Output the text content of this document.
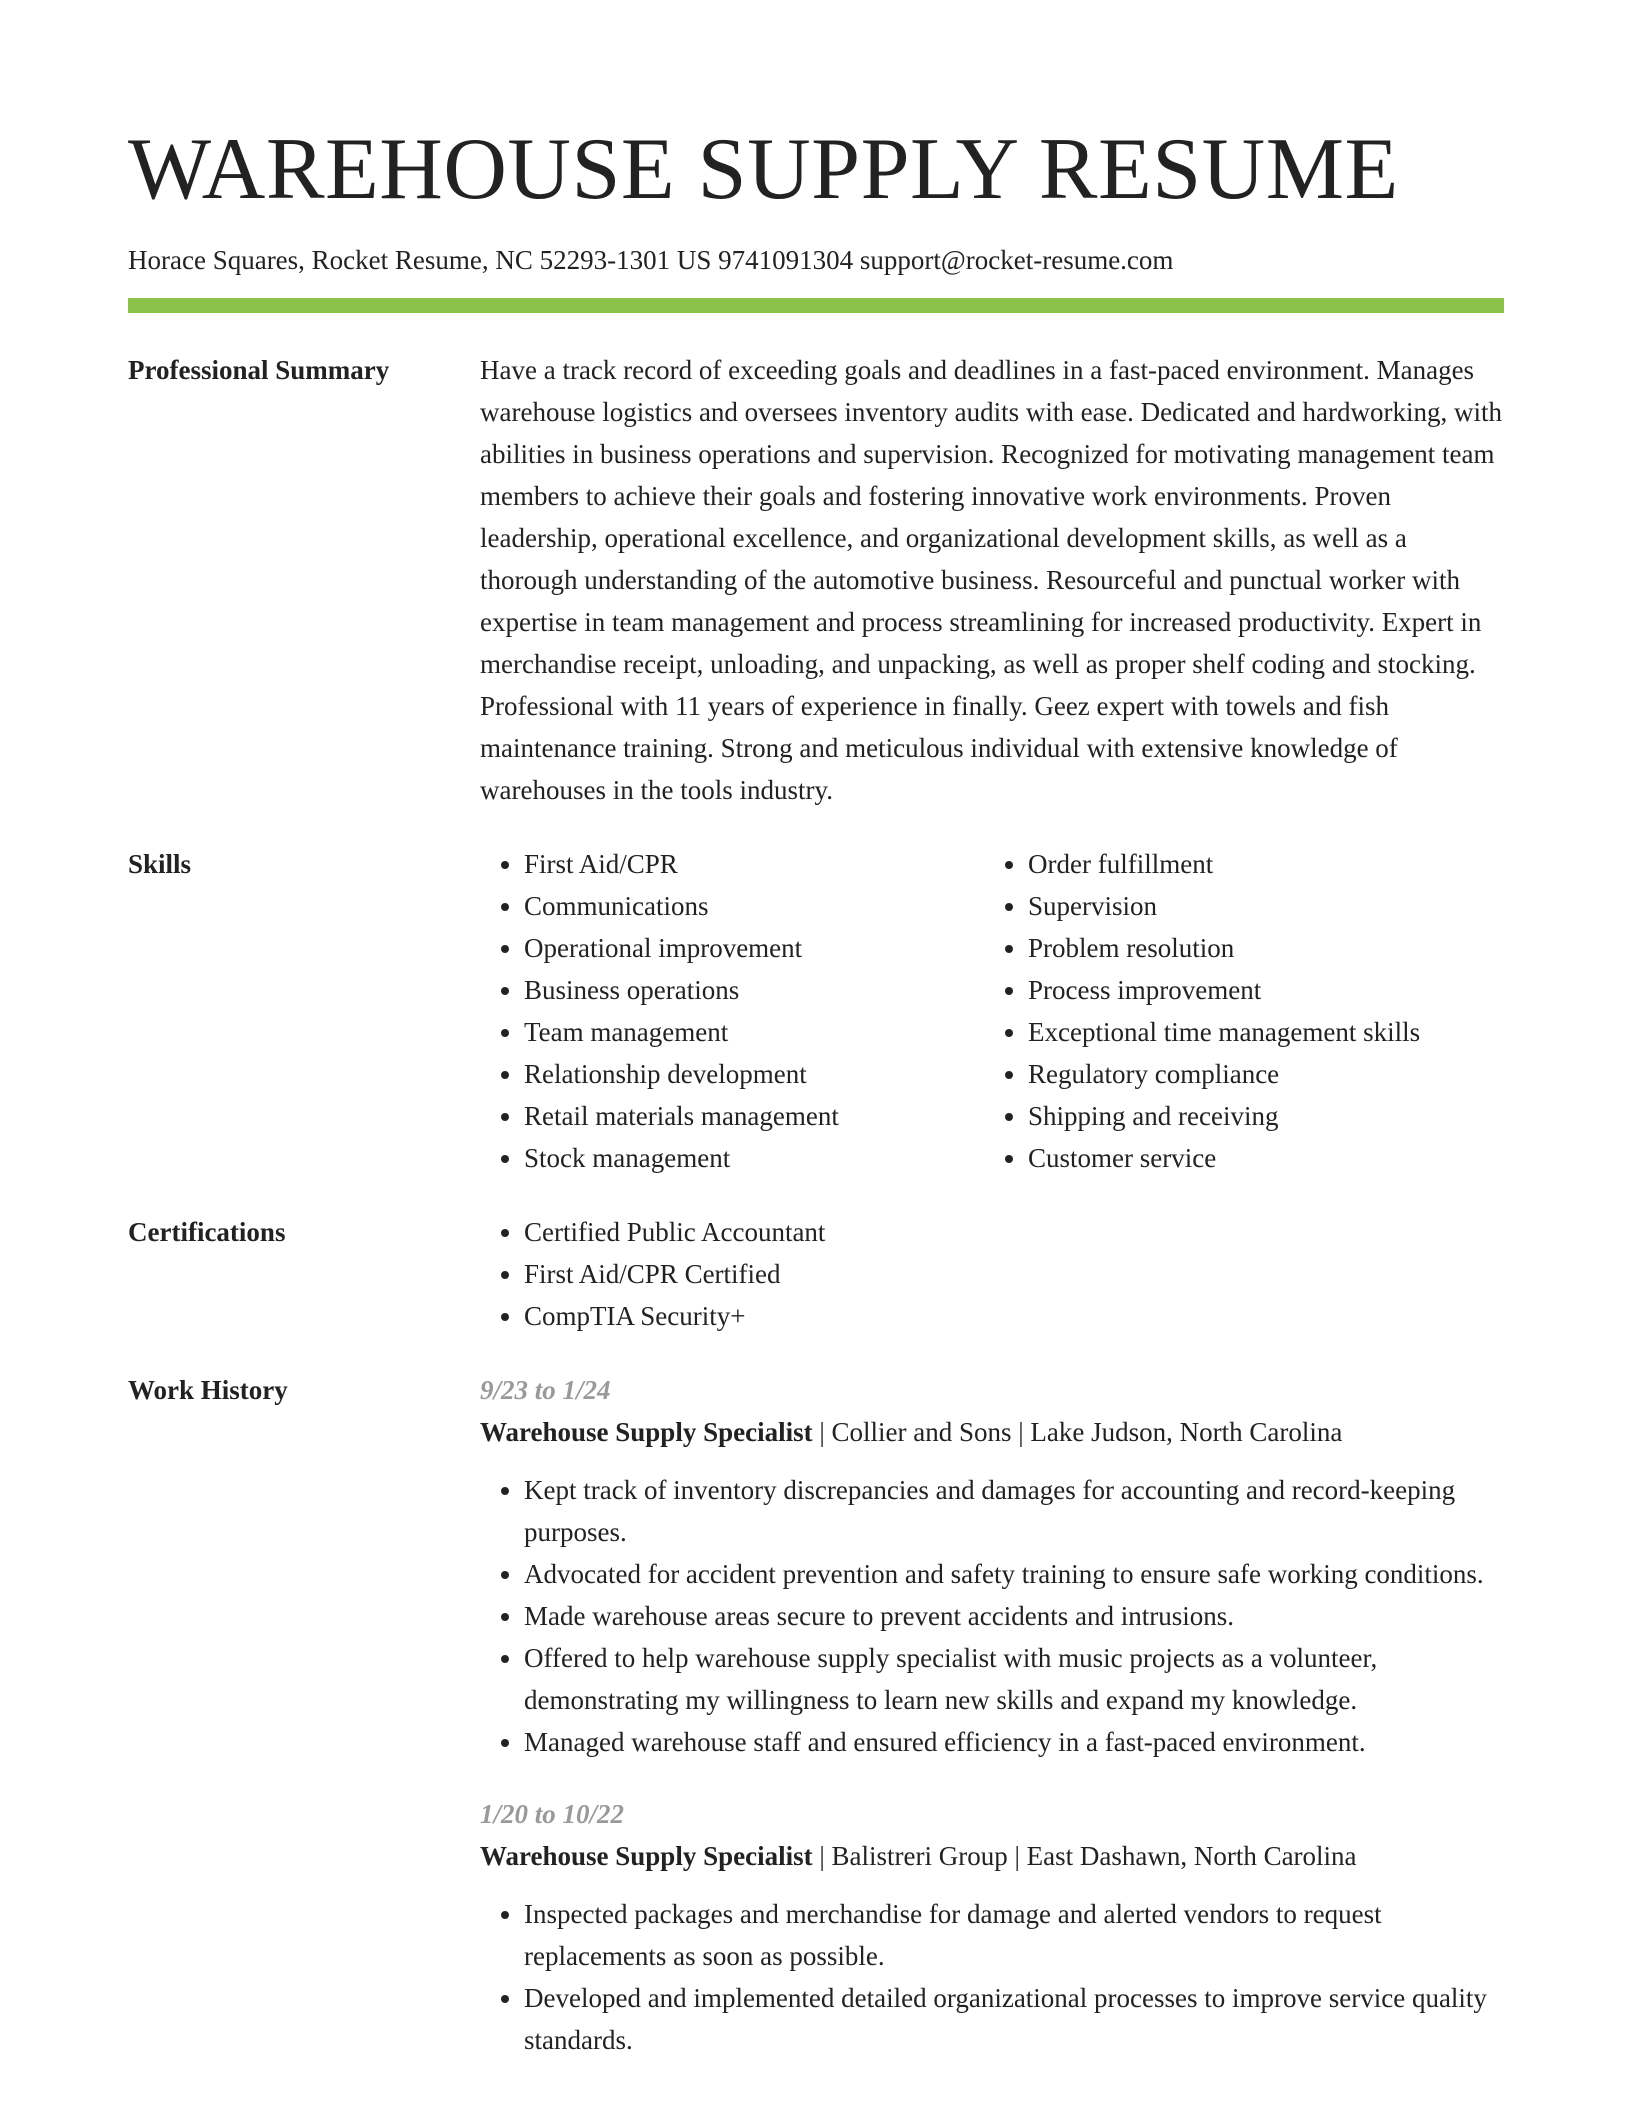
WAREHOUSE SUPPLY RESUME
Horace Squares, Rocket Resume, NC 52293-1301 US 9741091304 support@rocket-resume.com
Professional Summary	Have a track record of exceeding goals and deadlines in a fast-paced environment. Manages warehouse logistics and oversees inventory audits with ease. Dedicated and hardworking, with abilities in business operations and supervision. Recognized for motivating management team members to achieve their goals and fostering innovative work environments. Proven leadership, operational excellence, and organizational development skills, as well as a thorough understanding of the automotive business. Resourceful and punctual worker with expertise in team management and process streamlining for increased productivity. Expert in merchandise receipt, unloading, and unpacking, as well as proper shelf coding and stocking. Professional with 11 years of experience in finally. Geez expert with towels and fish maintenance training. Strong and meticulous individual with extensive knowledge of warehouses in the tools industry.

Skills	• First Aid/CPR
• Communications
• Operational improvement
• Business operations
• Team management
• Relationship development
• Retail materials management
• Stock management
• Order fulfillment
• Supervision
• Problem resolution
• Process improvement
• Exceptional time management skills
• Regulatory compliance
• Shipping and receiving
• Customer service
Certifications	• Certified Public Accountant
• First Aid/CPR Certified
• CompTIA Security+
Work History	9/23 to 1/24
Warehouse Supply Specialist | Collier and Sons | Lake Judson, North Carolina
• Kept track of inventory discrepancies and damages for accounting and record-keeping purposes.
• Advocated for accident prevention and safety training to ensure safe working conditions.
• Made warehouse areas secure to prevent accidents and intrusions.
• Offered to help warehouse supply specialist with music projects as a volunteer, demonstrating my willingness to learn new skills and expand my knowledge.
• Managed warehouse staff and ensured efficiency in a fast-paced environment.
1/20 to 10/22
Warehouse Supply Specialist | Balistreri Group | East Dashawn, North Carolina
• Inspected packages and merchandise for damage and alerted vendors to request replacements as soon as possible.
• Developed and implemented detailed organizational processes to improve service quality standards.
